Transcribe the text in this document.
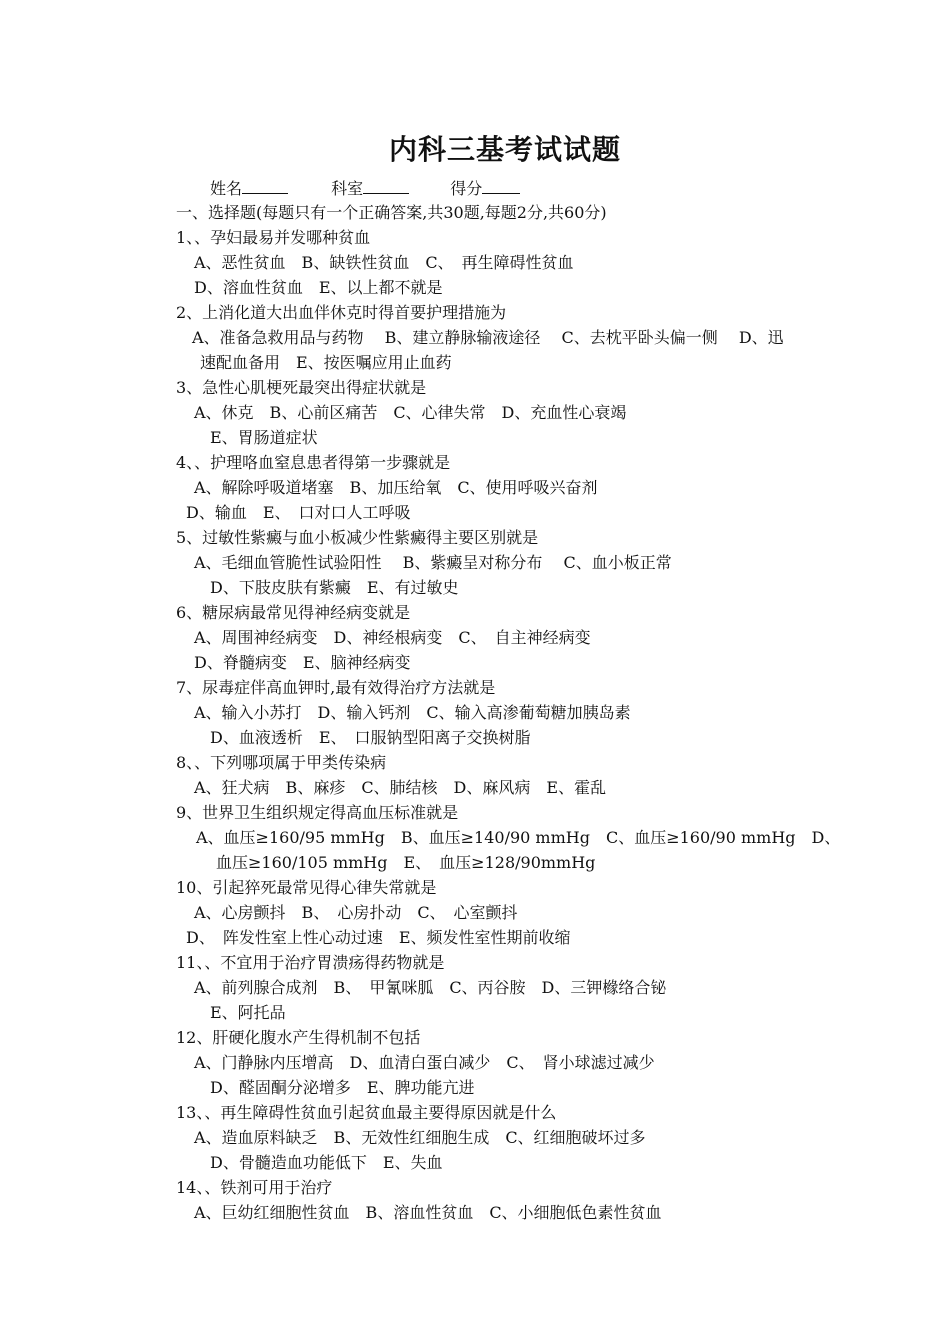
内科三基考试试题
姓名	科室	得分
一、选择题(每题只有一个正确答案,共30题,每题2分,共60分)
1、、孕妇最易并发哪种贫血
A、恶性贫血　B、缺铁性贫血　C、　再生障碍性贫血
D、溶血性贫血　E、以上都不就是
2、上消化道大出血伴休克时得首要护理措施为
A、准备急救用品与药物　 B、建立静脉输液途径　 C、去枕平卧头偏一侧　 D、迅
速配血备用　E、按医嘱应用止血药
3、急性心肌梗死最突出得症状就是
A、休克　B、心前区痛苦　C、心律失常　D、充血性心衰竭
E、胃肠道症状
4、、护理咯血窒息患者得第一步骤就是
A、解除呼吸道堵塞　B、加压给氧　C、使用呼吸兴奋剂
D、输血　E、　口对口人工呼吸
5、过敏性紫癜与血小板减少性紫癜得主要区别就是
A、毛细血管脆性试验阳性　 B、紫癜呈对称分布　 C、血小板正常
D、下肢皮肤有紫癜　E、有过敏史
6、糖尿病最常见得神经病变就是
A、周围神经病变　D、神经根病变　C、　自主神经病变
D、脊髓病变　E、脑神经病变
7、尿毒症伴高血钾时,最有效得治疗方法就是
A、输入小苏打　D、输入钙剂　C、输入高渗葡萄糖加胰岛素
D、血液透析　E、　口服钠型阳离子交换树脂
8、、下列哪项属于甲类传染病
A、狂犬病　B、麻疹　C、肺结核　D、麻风病　E、霍乱
9、世界卫生组织规定得高血压标准就是
A、血压≥160/95 mmHg　B、血压≥140/90 mmHg　C、血压≥160/90 mmHg　D、
血压≥160/105 mmHg　E、　血压≥128/90mmHg
10、引起猝死最常见得心律失常就是
A、心房颤抖　B、　心房扑动　C、　心室颤抖
D、　阵发性室上性心动过速　E、频发性室性期前收缩
11、、不宜用于治疗胃溃疡得药物就是
A、前列腺合成剂　B、　甲氰咪胍　C、丙谷胺　D、三钾橼络合铋
E、阿托品
12、肝硬化腹水产生得机制不包括
A、门静脉内压增高　D、血清白蛋白减少　C、　肾小球滤过减少
D、醛固酮分泌增多　E、脾功能亢进
13、、再生障碍性贫血引起贫血最主要得原因就是什么
A、造血原料缺乏　B、无效性红细胞生成　C、红细胞破坏过多
D、骨髓造血功能低下　E、失血
14、、铁剂可用于治疗
A、巨幼红细胞性贫血　B、溶血性贫血　C、小细胞低色素性贫血
